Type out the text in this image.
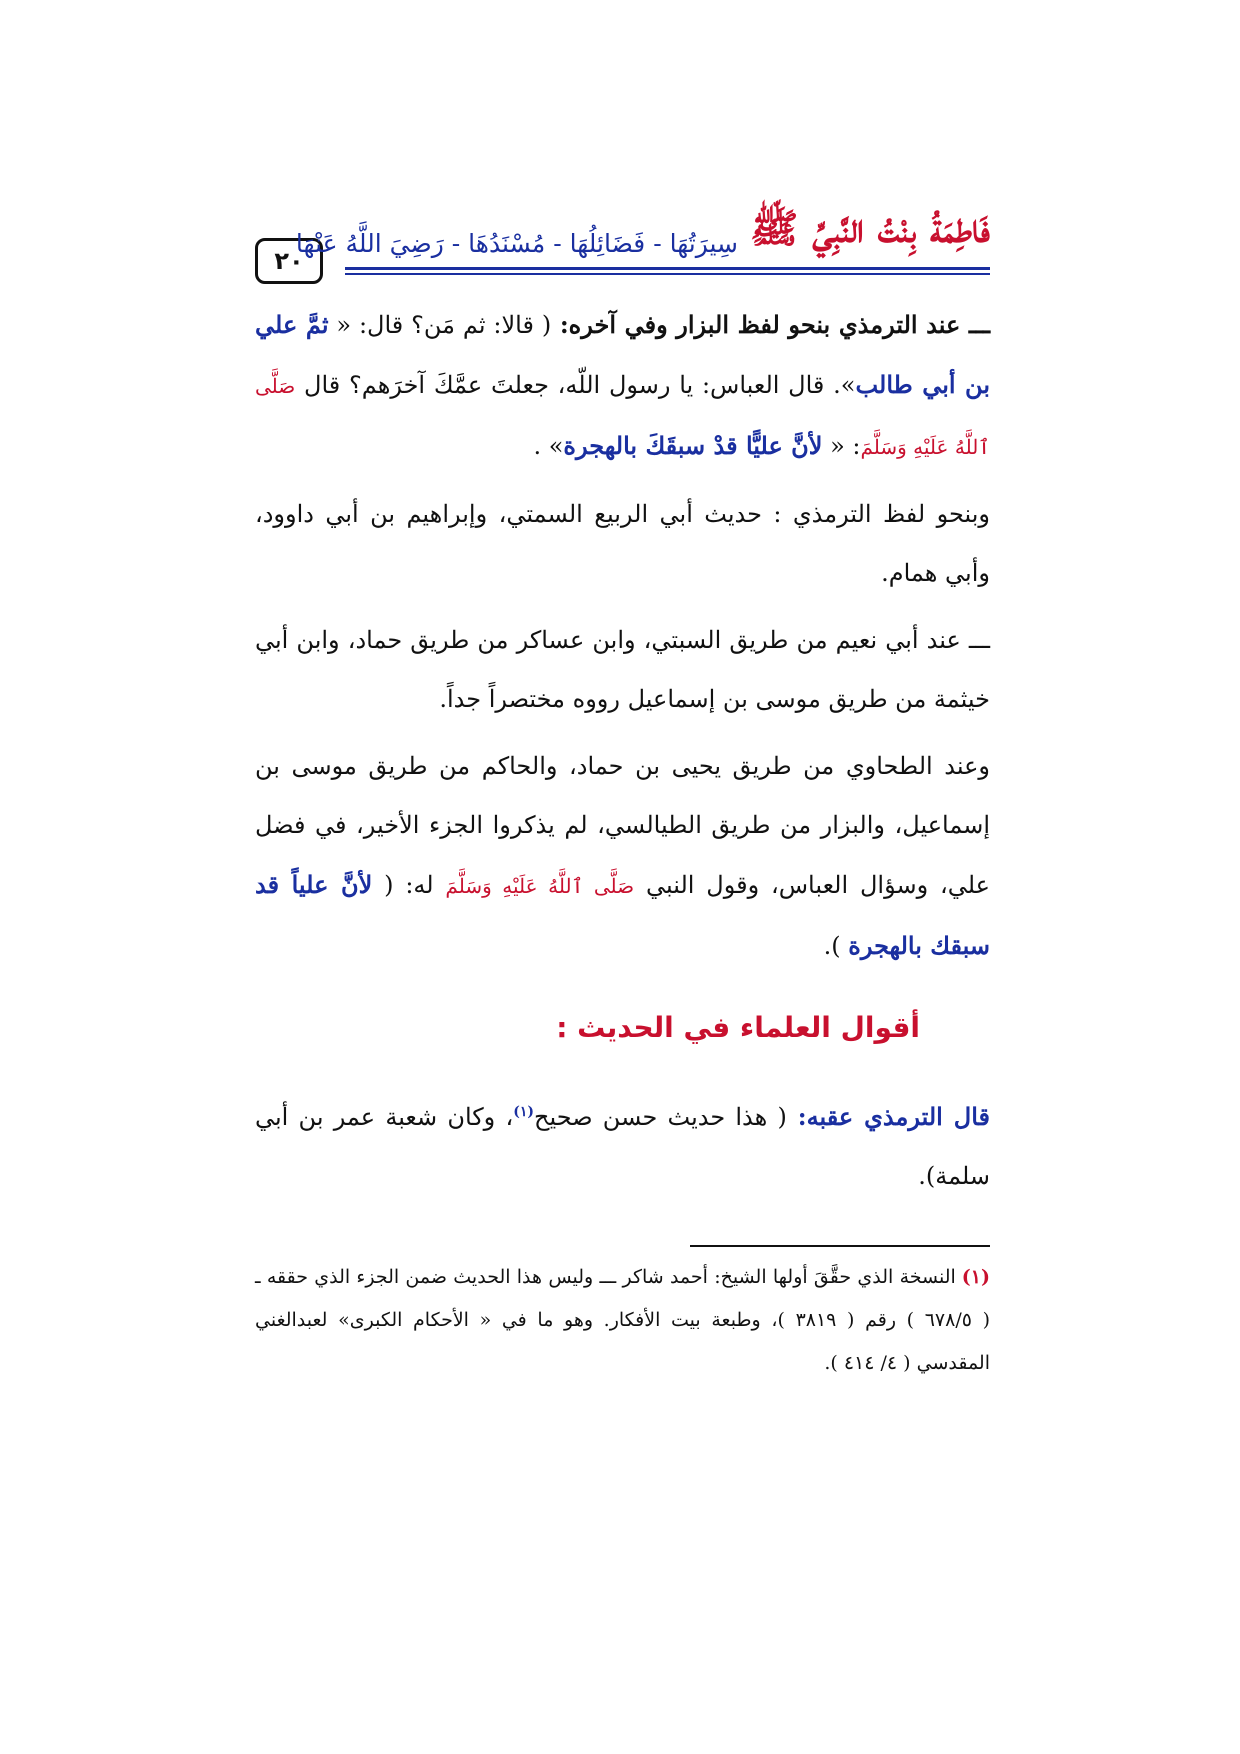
٢٠
فَاطِمَةُ بِنْتُ النَّبِيِّ ﷺ
سِيرَتُهَا - فَضَائِلُهَا - مُسْنَدُهَا - رَضِيَ اللَّهُ عَنْهَا

ـــ عند الترمذي بنحو لفظ البزار وفي آخره: ( قالا: ثم مَن؟ قال: « ثمَّ علي بن أبي طالب». قال العباس: يا رسول اللّه، جعلتَ عمَّكَ آخرَهم؟ قال صَلَّى ٱللَّهُ عَلَيْهِ وَسَلَّمَ: « لأنَّ عليًّا قدْ سبقَكَ بالهجرة» .

وبنحو لفظ الترمذي : حديث أبي الربيع السمتي، وإبراهيم بن أبي داوود، وأبي همام.

ـــ عند أبي نعيم من طريق السبتي، وابن عساكر من طريق حماد، وابن أبي خيثمة من طريق موسى بن إسماعيل رووه مختصراً جداً.

وعند الطحاوي من طريق يحيى بن حماد، والحاكم من طريق موسى بن إسماعيل، والبزار من طريق الطيالسي، لم يذكروا الجزء الأخير، في فضل علي، وسؤال العباس، وقول النبي صَلَّى ٱللَّهُ عَلَيْهِ وَسَلَّمَ له: ( لأنَّ علياً قد سبقك بالهجرة ).

أقوال العلماء في الحديث :

قال الترمذي عقبه: ( هذا حديث حسن صحيح$^{(١)}$، وكان شعبة عمر بن أبي سلمة).

(١)النسخة الذي حقَّقَ أولها الشيخ: أحمد شاكر ـــ وليس هذا الحديث ضمن الجزء الذي حققه ـ ( ٦٧٨/٥ ) رقم ( ٣٨١٩ )، وطبعة بيت الأفكار. وهو ما في « الأحكام الكبرى» لعبدالغني المقدسي ( ٤/ ٤١٤ ).
